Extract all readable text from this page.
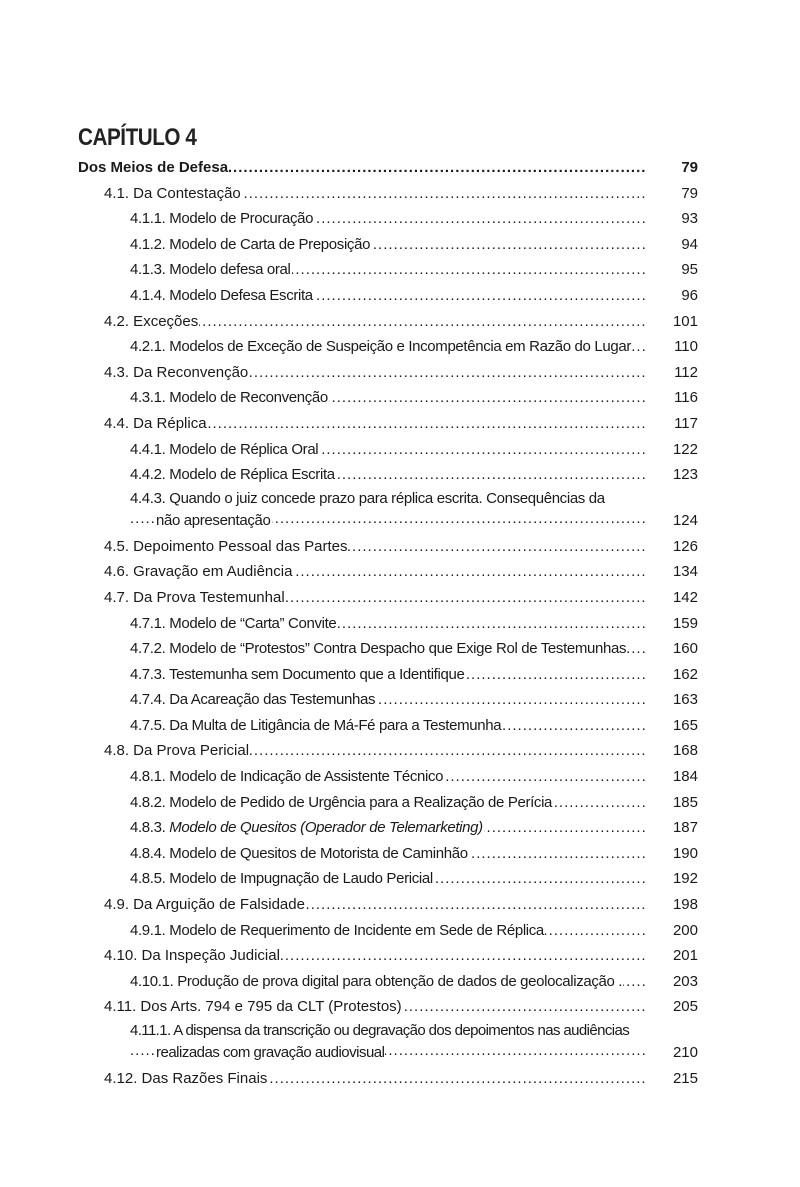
CAPÍTULO 4
Dos Meios de Defesa .....	79
4.1. Da Contestação .....	79
4.1.1. Modelo de Procuração .....	93
4.1.2. Modelo de Carta de Preposição .....	94
4.1.3. Modelo defesa oral .....	95
4.1.4. Modelo Defesa Escrita .....	96
4.2. Exceções .....	101
4.2.1. Modelos de Exceção de Suspeição e Incompetência em Razão do Lugar .....	110
4.3. Da Reconvenção .....	112
4.3.1. Modelo de Reconvenção .....	116
4.4. Da Réplica .....	117
4.4.1. Modelo de Réplica Oral .....	122
4.4.2. Modelo de Réplica Escrita .....	123
4.4.3. Quando o juiz concede prazo para réplica escrita. Consequências da
não apresentação
.....	124
4.5. Depoimento Pessoal das Partes .....	126
4.6. Gravação em Audiência .....	134
4.7. Da Prova Testemunhal .....	142
4.7.1. Modelo de “Carta” Convite .....	159
4.7.2. Modelo de “Protestos” Contra Despacho que Exige Rol de Testemunhas .....	160
4.7.3. Testemunha sem Documento que a Identifique .....	162
4.7.4. Da Acareação das Testemunhas .....	163
4.7.5. Da Multa de Litigância de Má-Fé para a Testemunha .....	165
4.8. Da Prova Pericial .....	168
4.8.1. Modelo de Indicação de Assistente Técnico .....	184
4.8.2. Modelo de Pedido de Urgência para a Realização de Perícia .....	185
4.8.3. Modelo de Quesitos (Operador de Telemarketing) .....	187
4.8.4. Modelo de Quesitos de Motorista de Caminhão .....	190
4.8.5. Modelo de Impugnação de Laudo Pericial .....	192
4.9. Da Arguição de Falsidade .....	198
4.9.1. Modelo de Requerimento de Incidente em Sede de Réplica .....	200
4.10. Da Inspeção Judicial .....	201
4.10.1. Produção de prova digital para obtenção de dados de geolocalização . .....	203
4.11. Dos Arts. 794 e 795 da CLT (Protestos) .....	205
4.11.1. A dispensa da transcrição ou degravação dos depoimentos nas audiências
realizadas com gravação audiovisual
.....	210
4.12. Das Razões Finais .....	215
